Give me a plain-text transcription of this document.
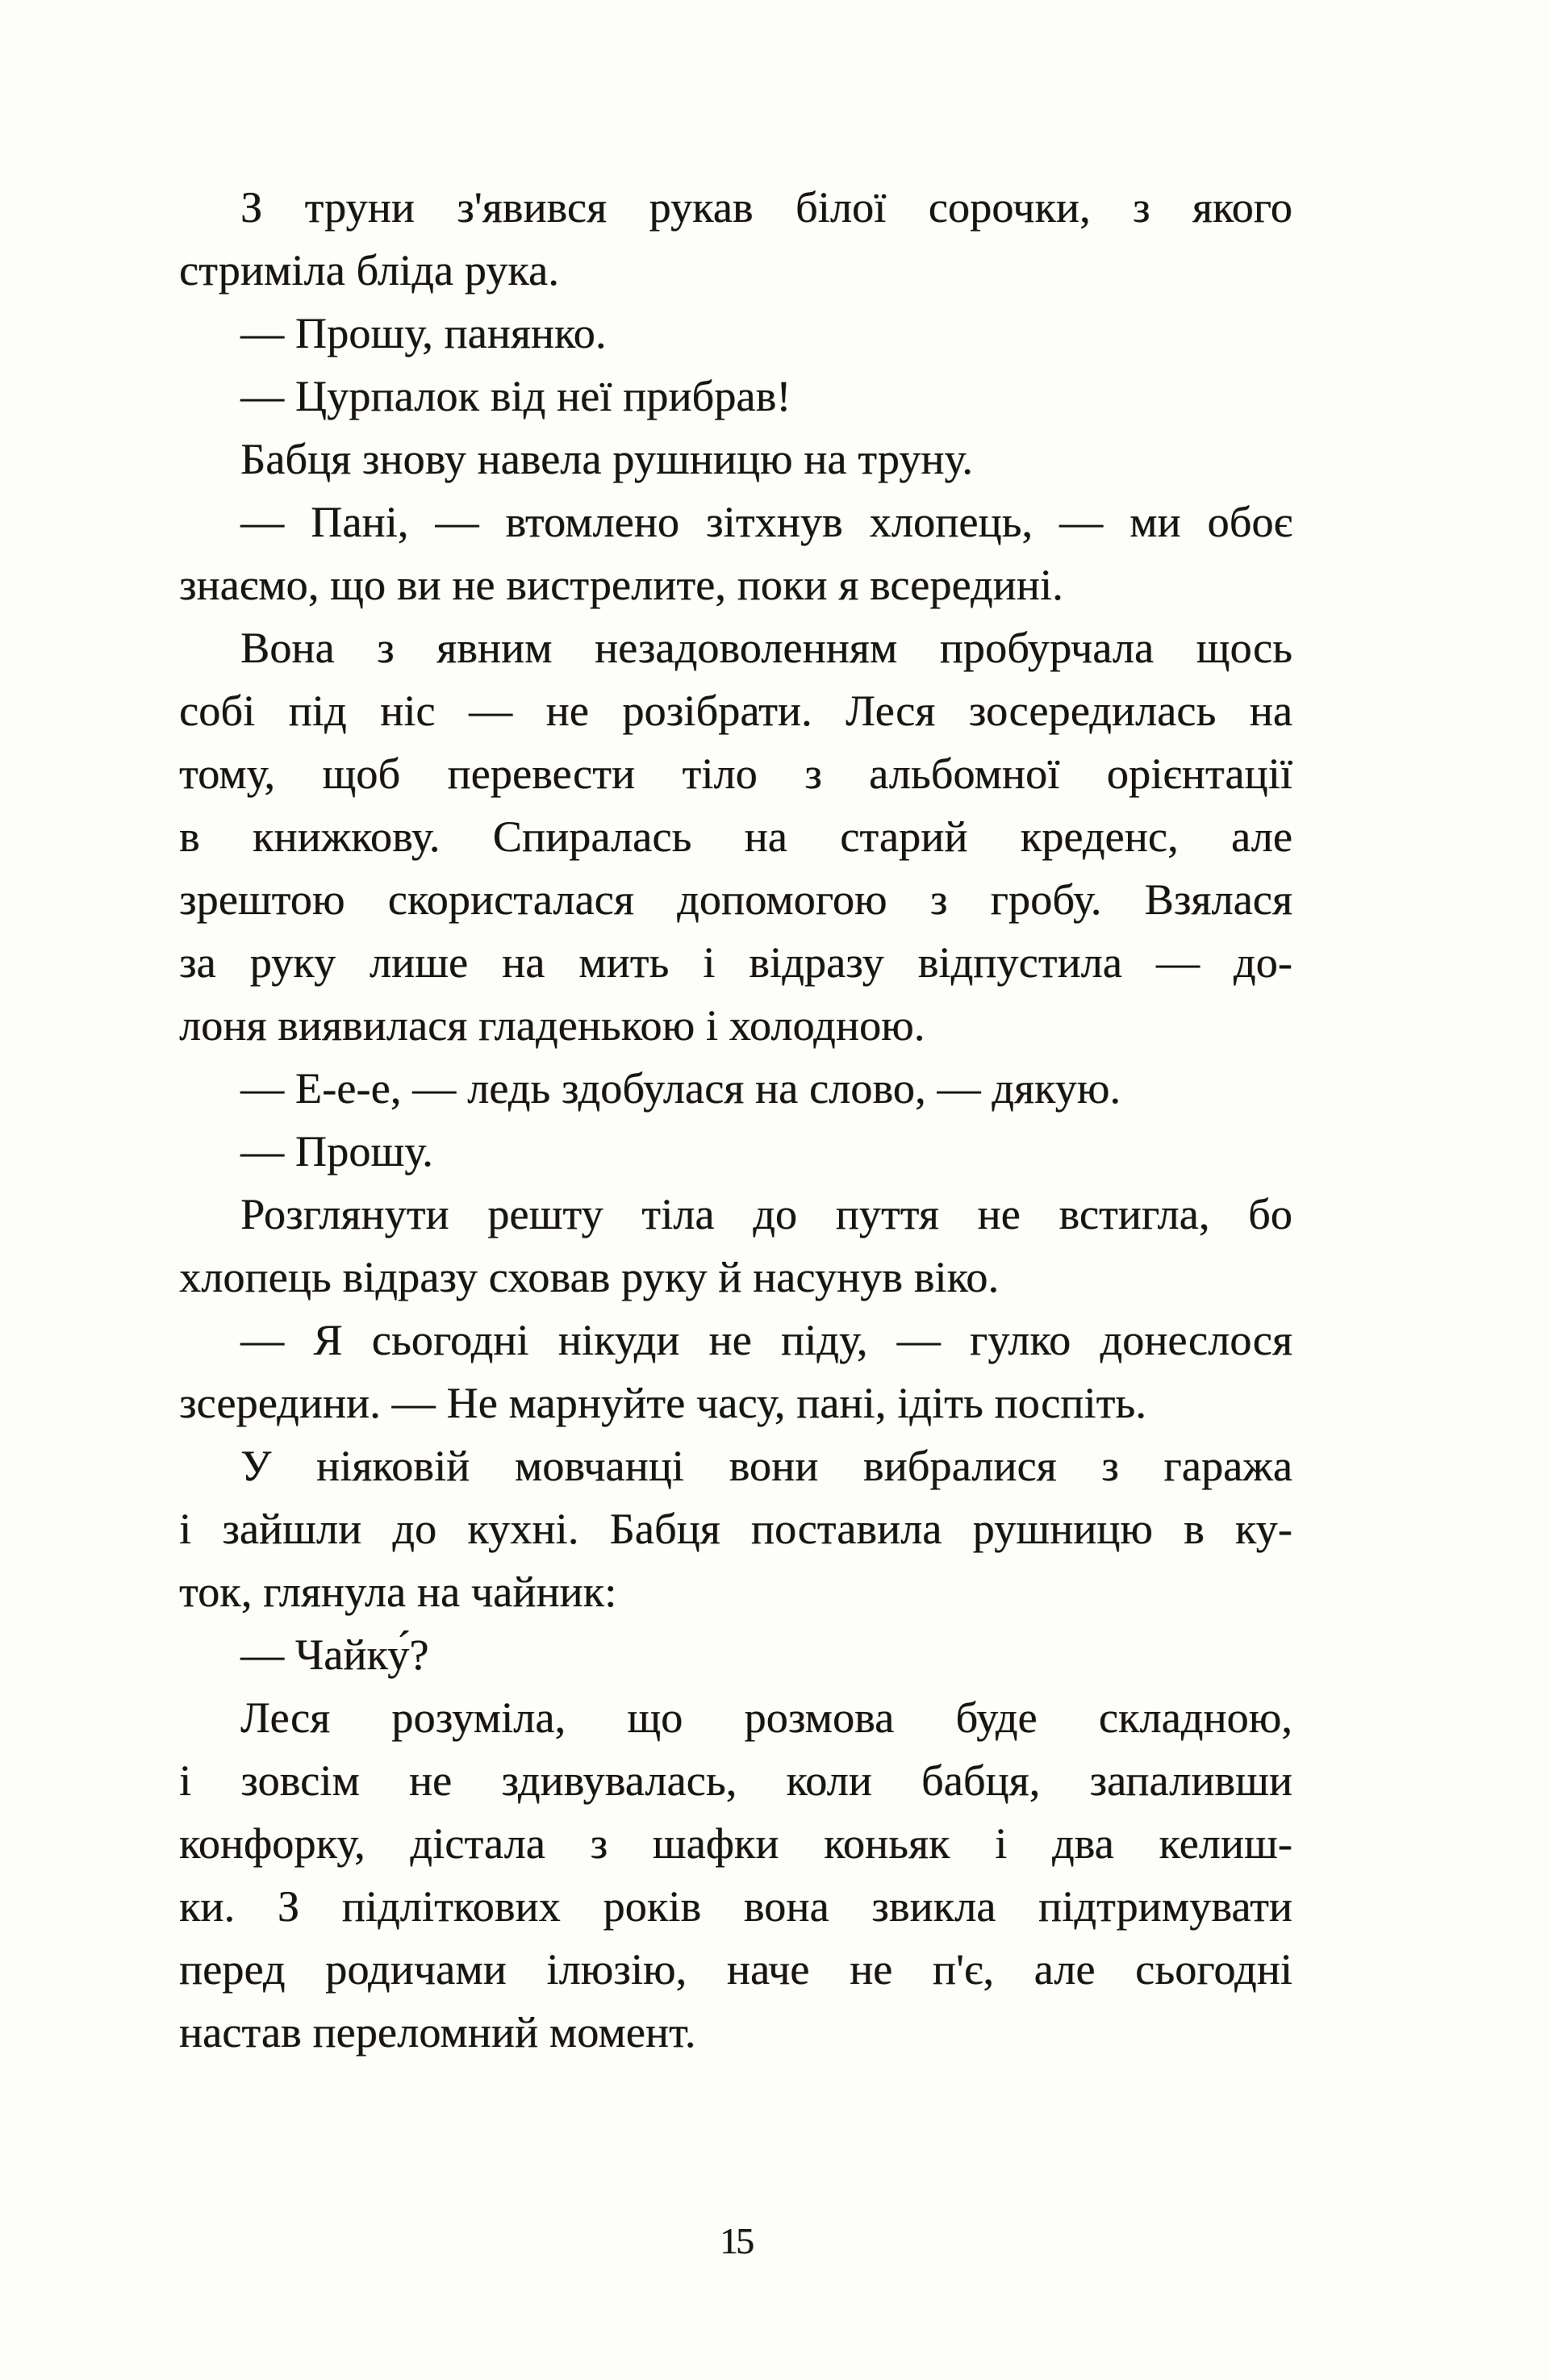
З труни з'явився рукав білої сорочки, з якого
стриміла бліда рука.
— Прошу, панянко.
— Цурпалок від неї прибрав!
Бабця знову навела рушницю на труну.
— Пані, — втомлено зітхнув хлопець, — ми обоє
знаємо, що ви не вистрелите, поки я всередині.
Вона з явним незадоволенням пробурчала щось
собі під ніс — не розібрати. Леся зосередилась на
тому, щоб перевести тіло з альбомної орієнтації
в книжкову. Спиралась на старий креденс, але
зрештою скористалася допомогою з гробу. Взялася
за руку лише на мить і відразу відпустила — до-
лоня виявилася гладенькою і холодною.
— Е-е-е, — ледь здобулася на слово, — дякую.
— Прошу.
Розглянути решту тіла до пуття не встигла, бо
хлопець відразу сховав руку й насунув віко.
— Я сьогодні нікуди не піду, — гулко донеслося
зсередини. — Не марнуйте часу, пані, ідіть поспіть.
У ніяковій мовчанці вони вибралися з гаража
і зайшли до кухні. Бабця поставила рушницю в ку-
ток, глянула на чайник:
— Чайку́?
Леся розуміла, що розмова буде складною,
і зовсім не здивувалась, коли бабця, запаливши
конфорку, дістала з шафки коньяк і два келиш-
ки. З підліткових років вона звикла підтримувати
перед родичами ілюзію, наче не п'є, але сьогодні
настав переломний момент.
15
